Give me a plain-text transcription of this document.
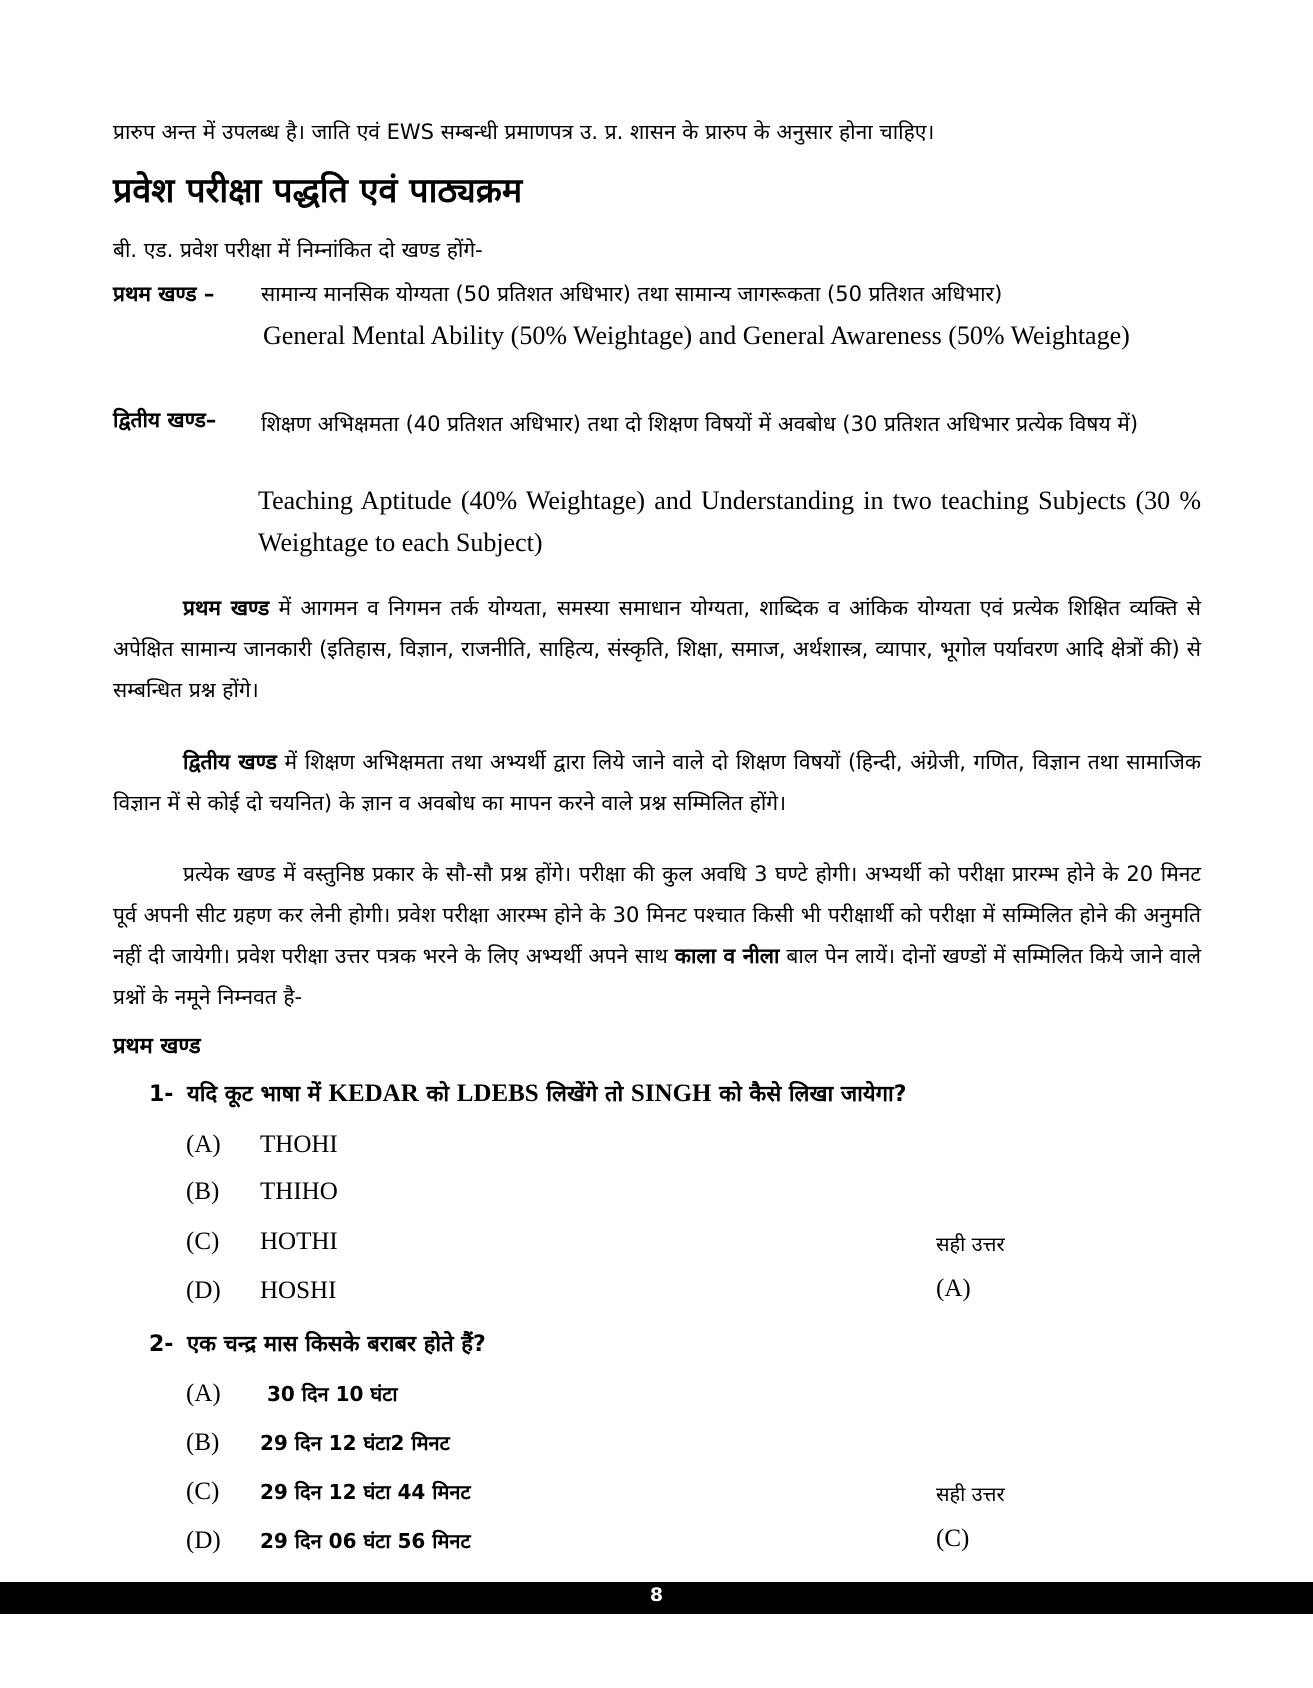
प्रारुप अन्त में उपलब्ध है। जाति एवं EWS सम्बन्धी प्रमाणपत्र उ. प्र. शासन के प्रारुप के अनुसार होना चाहिए।
प्रवेश परीक्षा पद्धति एवं पाठ्यक्रम
बी. एड. प्रवेश परीक्षा में निम्नांकित दो खण्ड होंगे-
प्रथम खण्ड – सामान्य मानसिक योग्यता (50 प्रतिशत अधिभार) तथा सामान्य जागरूकता (50 प्रतिशत अधिभार)
General Mental Ability (50% Weightage) and General Awareness (50% Weightage)
द्वितीय खण्ड– शिक्षण अभिक्षमता (40 प्रतिशत अधिभार) तथा दो शिक्षण विषयों में अवबोध (30 प्रतिशत अधिभार प्रत्येक विषय में)
Teaching Aptitude (40% Weightage) and Understanding in two teaching Subjects (30 % Weightage to each Subject)
प्रथम खण्ड में आगमन व निगमन तर्क योग्यता, समस्या समाधान योग्यता, शाब्दिक व आंकिक योग्यता एवं प्रत्येक शिक्षित व्यक्ति से अपेक्षित सामान्य जानकारी (इतिहास, विज्ञान, राजनीति, साहित्य, संस्कृति, शिक्षा, समाज, अर्थशास्त्र, व्यापार, भूगोल पर्यावरण आदि क्षेत्रों की) से सम्बन्धित प्रश्न होंगे।
द्वितीय खण्ड में शिक्षण अभिक्षमता तथा अभ्यर्थी द्वारा लिये जाने वाले दो शिक्षण विषयों (हिन्दी, अंग्रेजी, गणित, विज्ञान तथा सामाजिक विज्ञान में से कोई दो चयनित) के ज्ञान व अवबोध का मापन करने वाले प्रश्न सम्मिलित होंगे।
प्रत्येक खण्ड में वस्तुनिष्ठ प्रकार के सौ-सौ प्रश्न होंगे। परीक्षा की कुल अवधि 3 घण्टे होगी। अभ्यर्थी को परीक्षा प्रारम्भ होने के 20 मिनट पूर्व अपनी सीट ग्रहण कर लेनी होगी। प्रवेश परीक्षा आरम्भ होने के 30 मिनट पश्चात किसी भी परीक्षार्थी को परीक्षा में सम्मिलित होने की अनुमति नहीं दी जायेगी। प्रवेश परीक्षा उत्तर पत्रक भरने के लिए अभ्यर्थी अपने साथ काला व नीला बाल पेन लायें। दोनों खण्डों में सम्मिलित किये जाने वाले प्रश्नों के नमूने निम्नवत है-
प्रथम खण्ड
1- यदि कूट भाषा में KEDAR को LDEBS लिखेंगे तो SINGH को कैसे लिखा जायेगा?
(A) THOHI
(B) THIHO
(C) HOTHI
(D) HOSHI
सही उत्तर
(A)
2- एक चन्द्र मास किसके बराबर होते हैं?
(A) 30 दिन 10 घंटा
(B) 29 दिन 12 घंटा2 मिनट
(C) 29 दिन 12 घंटा 44 मिनट
(D) 29 दिन 06 घंटा 56 मिनट
सही उत्तर
(C)
8
